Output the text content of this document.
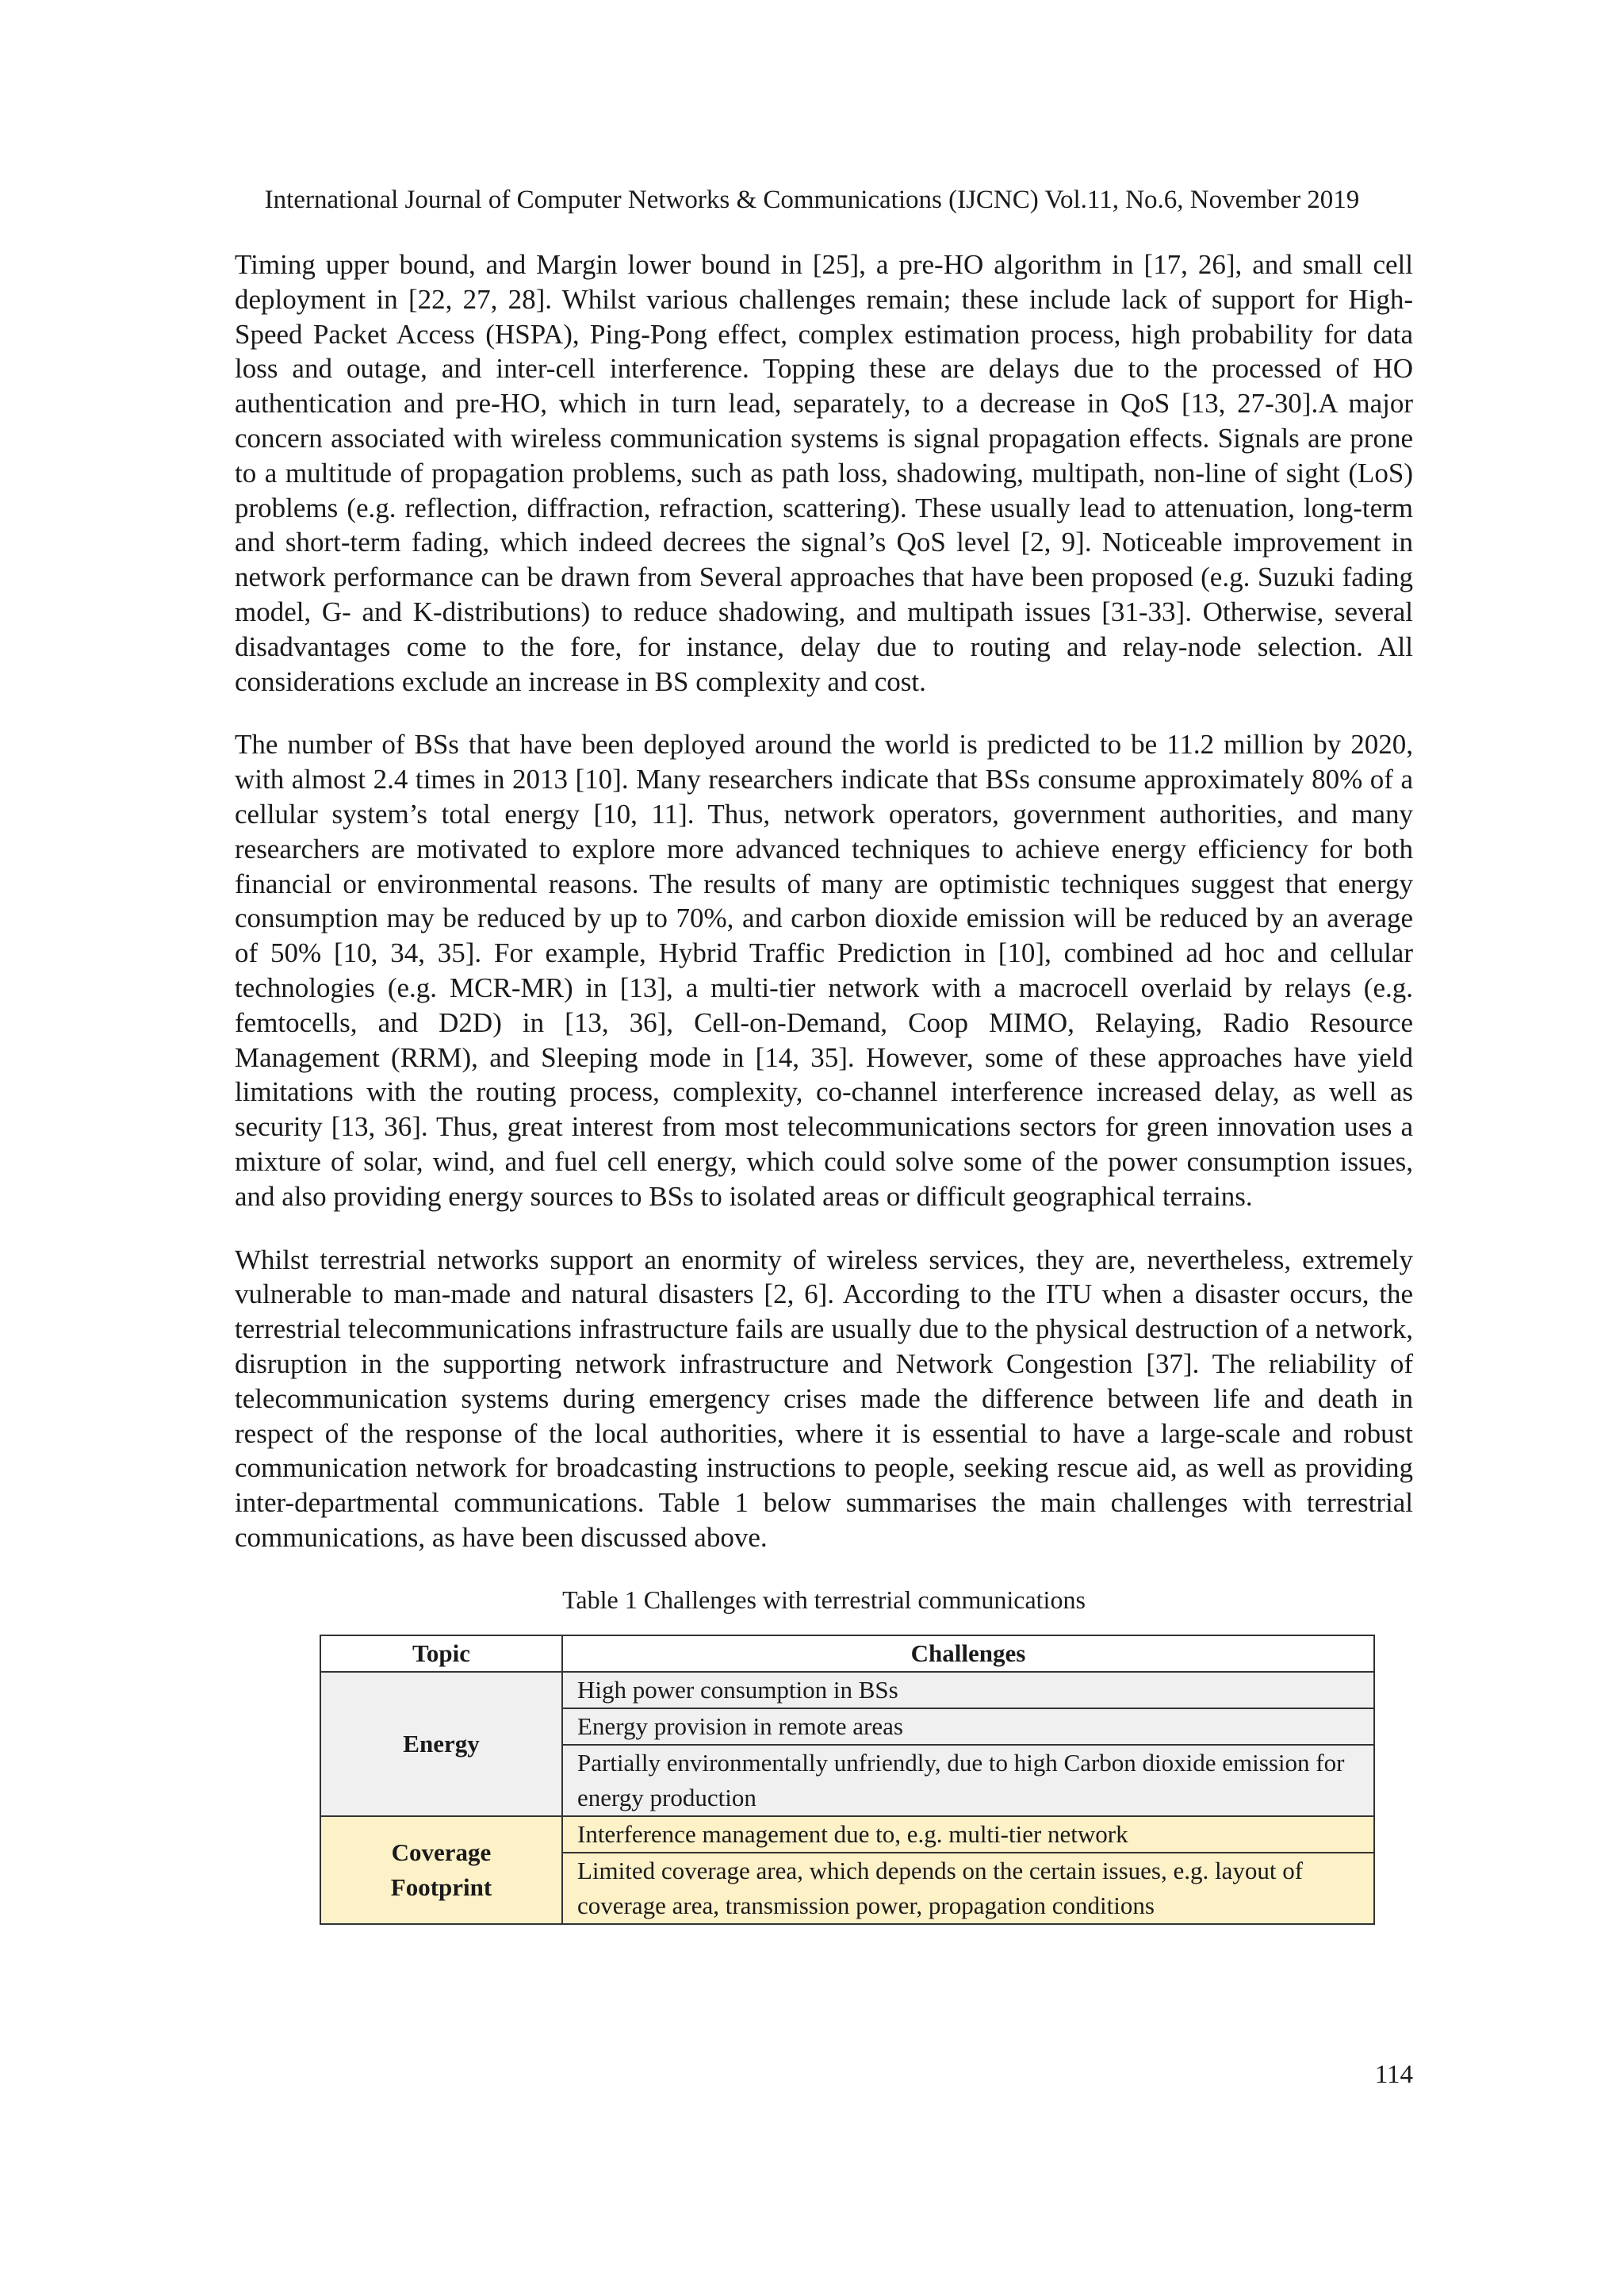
International Journal of Computer Networks & Communications (IJCNC) Vol.11, No.6, November 2019

Timing upper bound, and Margin lower bound in [25], a pre-HO algorithm in [17, 26], and small cell deployment in [22, 27, 28]. Whilst various challenges remain; these include lack of support for High-Speed Packet Access (HSPA), Ping-Pong effect, complex estimation process, high probability for data loss and outage, and inter-cell interference. Topping these are delays due to the processed of HO authentication and pre-HO, which in turn lead, separately, to a decrease in QoS [13, 27-30].A major concern associated with wireless communication systems is signal propagation effects. Signals are prone to a multitude of propagation problems, such as path loss, shadowing, multipath, non-line of sight (LoS) problems (e.g. reflection, diffraction, refraction, scattering). These usually lead to attenuation, long-term and short-term fading, which indeed decrees the signal’s QoS level [2, 9]. Noticeable improvement in network performance can be drawn from Several approaches that have been proposed (e.g. Suzuki fading model, G- and K-distributions) to reduce shadowing, and multipath issues [31-33]. Otherwise, several disadvantages come to the fore, for instance, delay due to routing and relay-node selection. All considerations exclude an increase in BS complexity and cost.

The number of BSs that have been deployed around the world is predicted to be 11.2 million by 2020, with almost 2.4 times in 2013 [10]. Many researchers indicate that BSs consume approximately 80% of a cellular system’s total energy [10, 11]. Thus, network operators, government authorities, and many researchers are motivated to explore more advanced techniques to achieve energy efficiency for both financial or environmental reasons. The results of many are optimistic techniques suggest that energy consumption may be reduced by up to 70%, and carbon dioxide emission will be reduced by an average of 50% [10, 34, 35]. For example, Hybrid Traffic Prediction in [10], combined ad hoc and cellular technologies (e.g. MCR-MR) in [13], a multi-tier network with a macrocell overlaid by relays (e.g. femtocells, and D2D) in [13, 36], Cell-on-Demand, Coop MIMO, Relaying, Radio Resource Management (RRM), and Sleeping mode in [14, 35]. However, some of these approaches have yield limitations with the routing process, complexity, co-channel interference increased delay, as well as security [13, 36]. Thus, great interest from most telecommunications sectors for green innovation uses a mixture of solar, wind, and fuel cell energy, which could solve some of the power consumption issues, and also providing energy sources to BSs to isolated areas or difficult geographical terrains.

Whilst terrestrial networks support an enormity of wireless services, they are, nevertheless, extremely vulnerable to man-made and natural disasters [2, 6]. According to the ITU when a disaster occurs, the terrestrial telecommunications infrastructure fails are usually due to the physical destruction of a network, disruption in the supporting network infrastructure and Network Congestion [37]. The reliability of telecommunication systems during emergency crises made the difference between life and death in respect of the response of the local authorities, where it is essential to have a large-scale and robust communication network for broadcasting instructions to people, seeking rescue aid, as well as providing inter-departmental communications. Table 1 below summarises the main challenges with terrestrial communications, as have been discussed above.

Table 1 Challenges with terrestrial communications
Topic	Challenges
Energy	High power consumption in BSs
	Energy provision in remote areas
	Partially environmentally unfriendly, due to high Carbon dioxide emission for energy production
Coverage Footprint	Interference management due to, e.g. multi-tier network
	Limited coverage area, which depends on the certain issues, e.g. layout of coverage area, transmission power, propagation conditions
114
